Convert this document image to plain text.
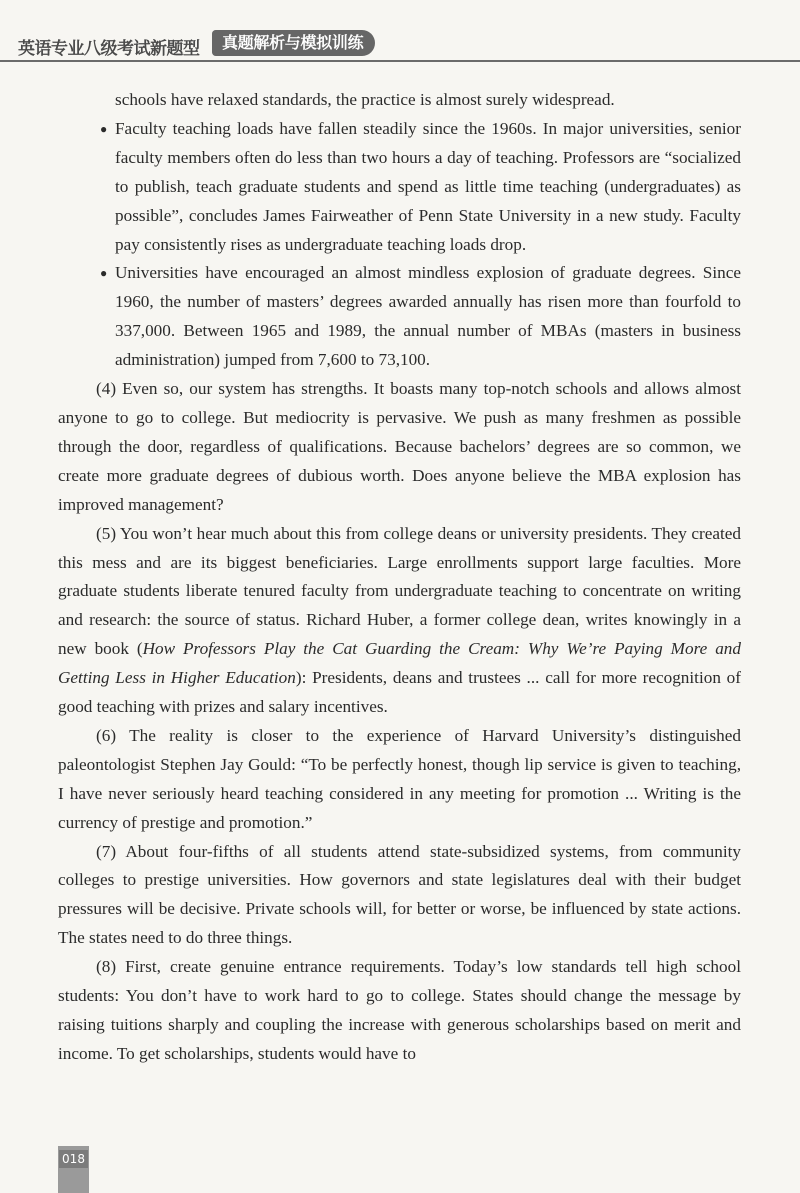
英语专业八级考试新题型	真题解析与模拟训练

schools have relaxed standards, the practice is almost surely widespread.

● Faculty teaching loads have fallen steadily since the 1960s. In major universities, senior faculty members often do less than two hours a day of teaching. Professors are “socialized to publish, teach graduate students and spend as little time teaching (undergraduates) as possible”, concludes James Fairweather of Penn State University in a new study. Faculty pay consistently rises as undergraduate teaching loads drop.

● Universities have encouraged an almost mindless explosion of graduate degrees. Since 1960, the number of masters’ degrees awarded annually has risen more than fourfold to 337,000. Between 1965 and 1989, the annual number of MBAs (masters in business administration) jumped from 7,600 to 73,100.

(4) Even so, our system has strengths. It boasts many top-notch schools and allows almost anyone to go to college. But mediocrity is pervasive. We push as many freshmen as possible through the door, regardless of qualifications. Because bachelors’ degrees are so common, we create more graduate degrees of dubious worth. Does anyone believe the MBA explosion has improved management?

(5) You won’t hear much about this from college deans or university presidents. They created this mess and are its biggest beneficiaries. Large enrollments support large faculties. More graduate students liberate tenured faculty from undergraduate teaching to concentrate on writing and research: the source of status. Richard Huber, a former college dean, writes knowingly in a new book (How Professors Play the Cat Guarding the Cream: Why We’re Paying More and Getting Less in Higher Education): Presidents, deans and trustees ... call for more recognition of good teaching with prizes and salary incentives.

(6) The reality is closer to the experience of Harvard University’s distinguished paleontologist Stephen Jay Gould: “To be perfectly honest, though lip service is given to teaching, I have never seriously heard teaching considered in any meeting for promotion ... Writing is the currency of prestige and promotion.”

(7) About four-fifths of all students attend state-subsidized systems, from community colleges to prestige universities. How governors and state legislatures deal with their budget pressures will be decisive. Private schools will, for better or worse, be influenced by state actions. The states need to do three things.

(8) First, create genuine entrance requirements. Today’s low standards tell high school students: You don’t have to work hard to go to college. States should change the message by raising tuitions sharply and coupling the increase with generous scholarships based on merit and income. To get scholarships, students would have to

018
